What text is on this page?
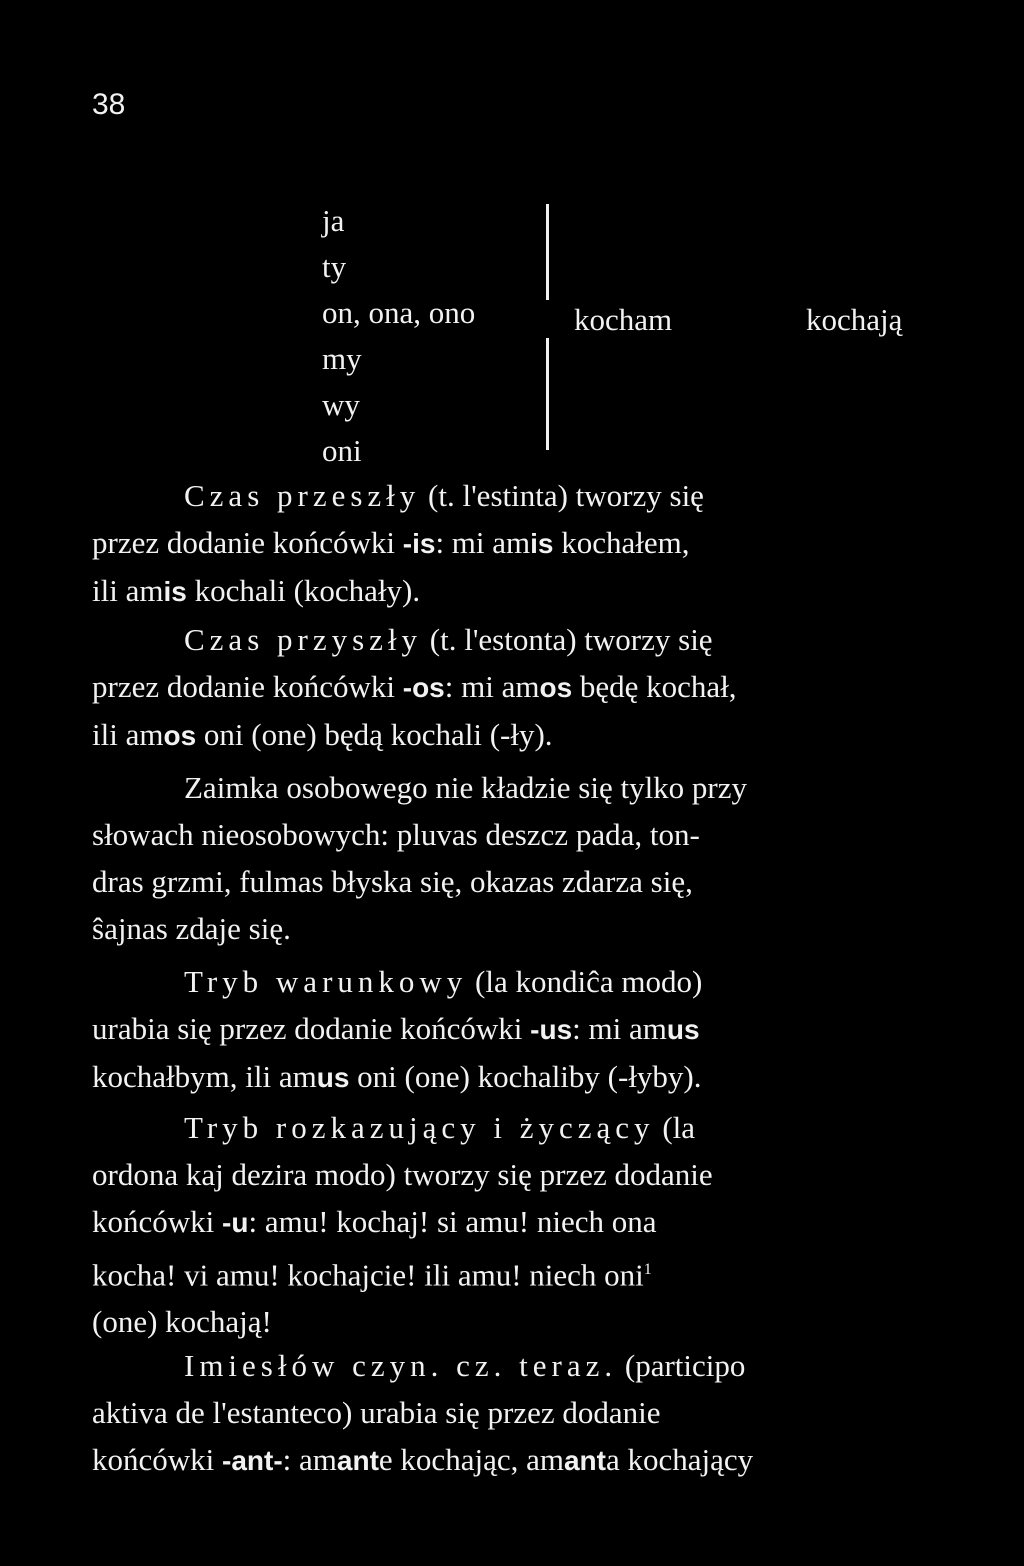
38
ja
ty
on, ona, ono
my
wy
oni
kocham	kochają
Czas przeszły (t. l'estinta) tworzy się
przez dodanie końcówki -is: mi amis kochałem,
ili amis kochali (kochały).
Czas przyszły (t. l'estonta) tworzy się
przez dodanie końcówki -os: mi amos będę kochał,
ili amos oni (one) będą kochali (-ły).
Zaimka osobowego nie kładzie się tylko przy
słowach nieosobowych: pluvas deszcz pada, ton-
dras grzmi, fulmas błyska się, okazas zdarza się,
ŝajnas zdaje się.
Tryb warunkowy (la kondiĉa modo)
urabia się przez dodanie końcówki -us: mi amus
kochałbym, ili amus oni (one) kochaliby (-łyby).
Tryb rozkazujący i życzący (la
ordona kaj dezira modo) tworzy się przez dodanie
końcówki -u: amu! kochaj! si amu! niech ona
kocha! vi amu! kochajcie! ili amu! niech oni$^1$
(one) kochają!
Imiesłów czyn. cz. teraz. (participo
aktiva de l'estanteco) urabia się przez dodanie
końcówki -ant-: amante kochając, amanta kochający
